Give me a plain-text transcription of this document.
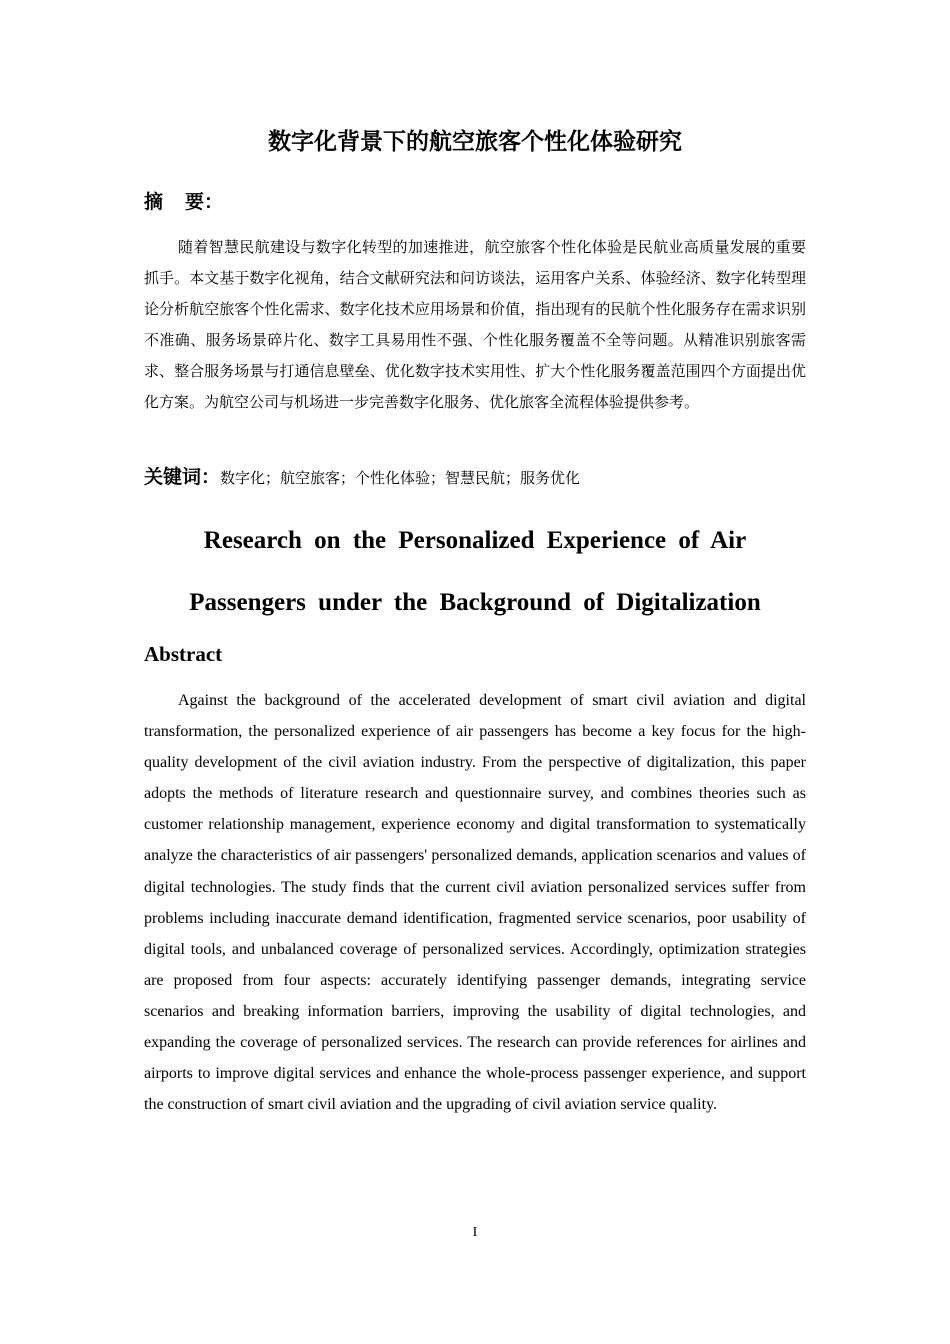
数字化背景下的航空旅客个性化体验研究

摘 要：

随着智慧民航建设与数字化转型的加速推进，航空旅客个性化体验是民航业高质量发展的重要抓手。本文基于数字化视角，结合文献研究法和问访谈法，运用客户关系、体验经济、数字化转型理论分析航空旅客个性化需求、数字化技术应用场景和价值，指出现有的民航个性化服务存在需求识别不准确、服务场景碎片化、数字工具易用性不强、个性化服务覆盖不全等问题。从精准识别旅客需求、整合服务场景与打通信息壁垒、优化数字技术实用性、扩大个性化服务覆盖范围四个方面提出优化方案。为航空公司与机场进一步完善数字化服务、优化旅客全流程体验提供参考。

关键词：数字化；航空旅客；个性化体验；智慧民航；服务优化

Research on the Personalized Experience of Air
Passengers under the Background of Digitalization
Abstract

Against the background of the accelerated development of smart civil aviation and digital transformation, the personalized experience of air passengers has become a key focus for the high-quality development of the civil aviation industry. From the perspective of digitalization, this paper adopts the methods of literature research and questionnaire survey, and combines theories such as customer relationship management, experience economy and digital transformation to systematically analyze the characteristics of air passengers' personalized demands, application scenarios and values of digital technologies. The study finds that the current civil aviation personalized services suffer from problems including inaccurate demand identification, fragmented service scenarios, poor usability of digital tools, and unbalanced coverage of personalized services. Accordingly, optimization strategies are proposed from four aspects: accurately identifying passenger demands, integrating service scenarios and breaking information barriers, improving the usability of digital technologies, and expanding the coverage of personalized services. The research can provide references for airlines and airports to improve digital services and enhance the whole-process passenger experience, and support the construction of smart civil aviation and the upgrading of civil aviation service quality.

I
